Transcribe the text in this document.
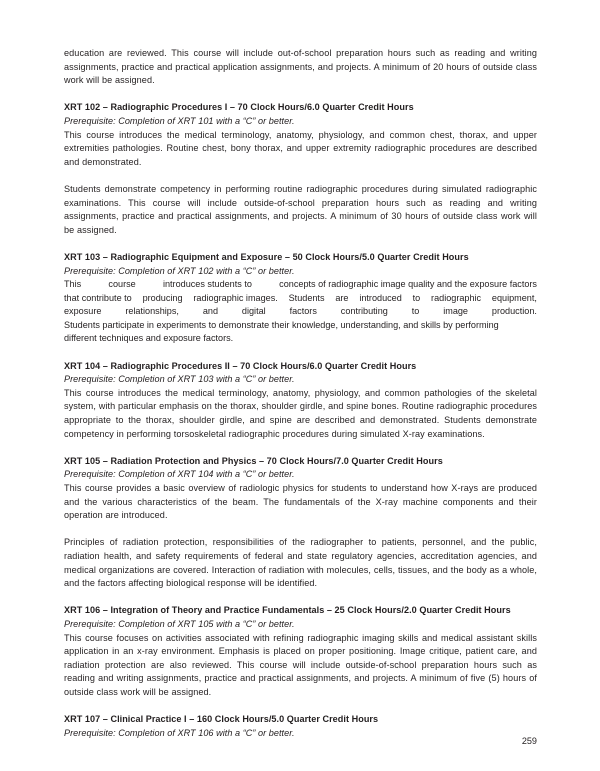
education are reviewed. This course will include out-of-school preparation hours such as reading and writing assignments, practice and practical application assignments, and projects. A minimum of 20 hours of outside class work will be assigned.

XRT 102 – Radiographic Procedures I – 70 Clock Hours/6.0 Quarter Credit Hours

Prerequisite: Completion of XRT 101 with a “C” or better.

This course introduces the medical terminology, anatomy, physiology, and common chest, thorax, and upper extremities pathologies. Routine chest, bony thorax, and upper extremity radiographic procedures are described and demonstrated.

Students demonstrate competency in performing routine radiographic procedures during simulated radiographic examinations. This course will include outside-of-school preparation hours such as reading and writing assignments, practice and practical assignments, and projects. A minimum of 30 hours of outside class work will be assigned.

XRT 103 – Radiographic Equipment and Exposure – 50 Clock Hours/5.0 Quarter Credit Hours

Prerequisite: Completion of XRT 102 with a “C” or better.

This	course	introduces students to	concepts of radiographic image quality and the exposure factors
that contribute to producing radiographic images. Students are introduced to radiographic equipment,
exposure	relationships,	and	digital	factors	contributing	to	image	production.
Students participate in experiments to demonstrate their knowledge, understanding, and skills by performing
different techniques and exposure factors.

XRT 104 – Radiographic Procedures II – 70 Clock Hours/6.0 Quarter Credit Hours

Prerequisite: Completion of XRT 103 with a “C” or better.

This course introduces the medical terminology, anatomy, physiology, and common pathologies of the skeletal system, with particular emphasis on the thorax, shoulder girdle, and spine bones. Routine radiographic procedures appropriate to the thorax, shoulder girdle, and spine are described and demonstrated. Students demonstrate competency in performing torsoskeletal radiographic procedures during simulated X-ray examinations.

XRT 105 – Radiation Protection and Physics – 70 Clock Hours/7.0 Quarter Credit Hours

Prerequisite: Completion of XRT 104 with a “C” or better.

This course provides a basic overview of radiologic physics for students to understand how X-rays are produced and the various characteristics of the beam. The fundamentals of the X-ray machine components and their operation are introduced.

Principles of radiation protection, responsibilities of the radiographer to patients, personnel, and the public, radiation health, and safety requirements of federal and state regulatory agencies, accreditation agencies, and medical organizations are covered. Interaction of radiation with molecules, cells, tissues, and the body as a whole, and the factors affecting biological response will be identified.

XRT 106 – Integration of Theory and Practice Fundamentals – 25 Clock Hours/2.0 Quarter Credit Hours

Prerequisite: Completion of XRT 105 with a “C” or better.

This course focuses on activities associated with refining radiographic imaging skills and medical assistant skills application in an x-ray environment. Emphasis is placed on proper positioning. Image critique, patient care, and radiation protection are also reviewed. This course will include outside-of-school preparation hours such as reading and writing assignments, practice and practical assignments, and projects. A minimum of five (5) hours of outside class work will be assigned.

XRT 107 – Clinical Practice I – 160 Clock Hours/5.0 Quarter Credit Hours

Prerequisite: Completion of XRT 106 with a “C” or better.

259
